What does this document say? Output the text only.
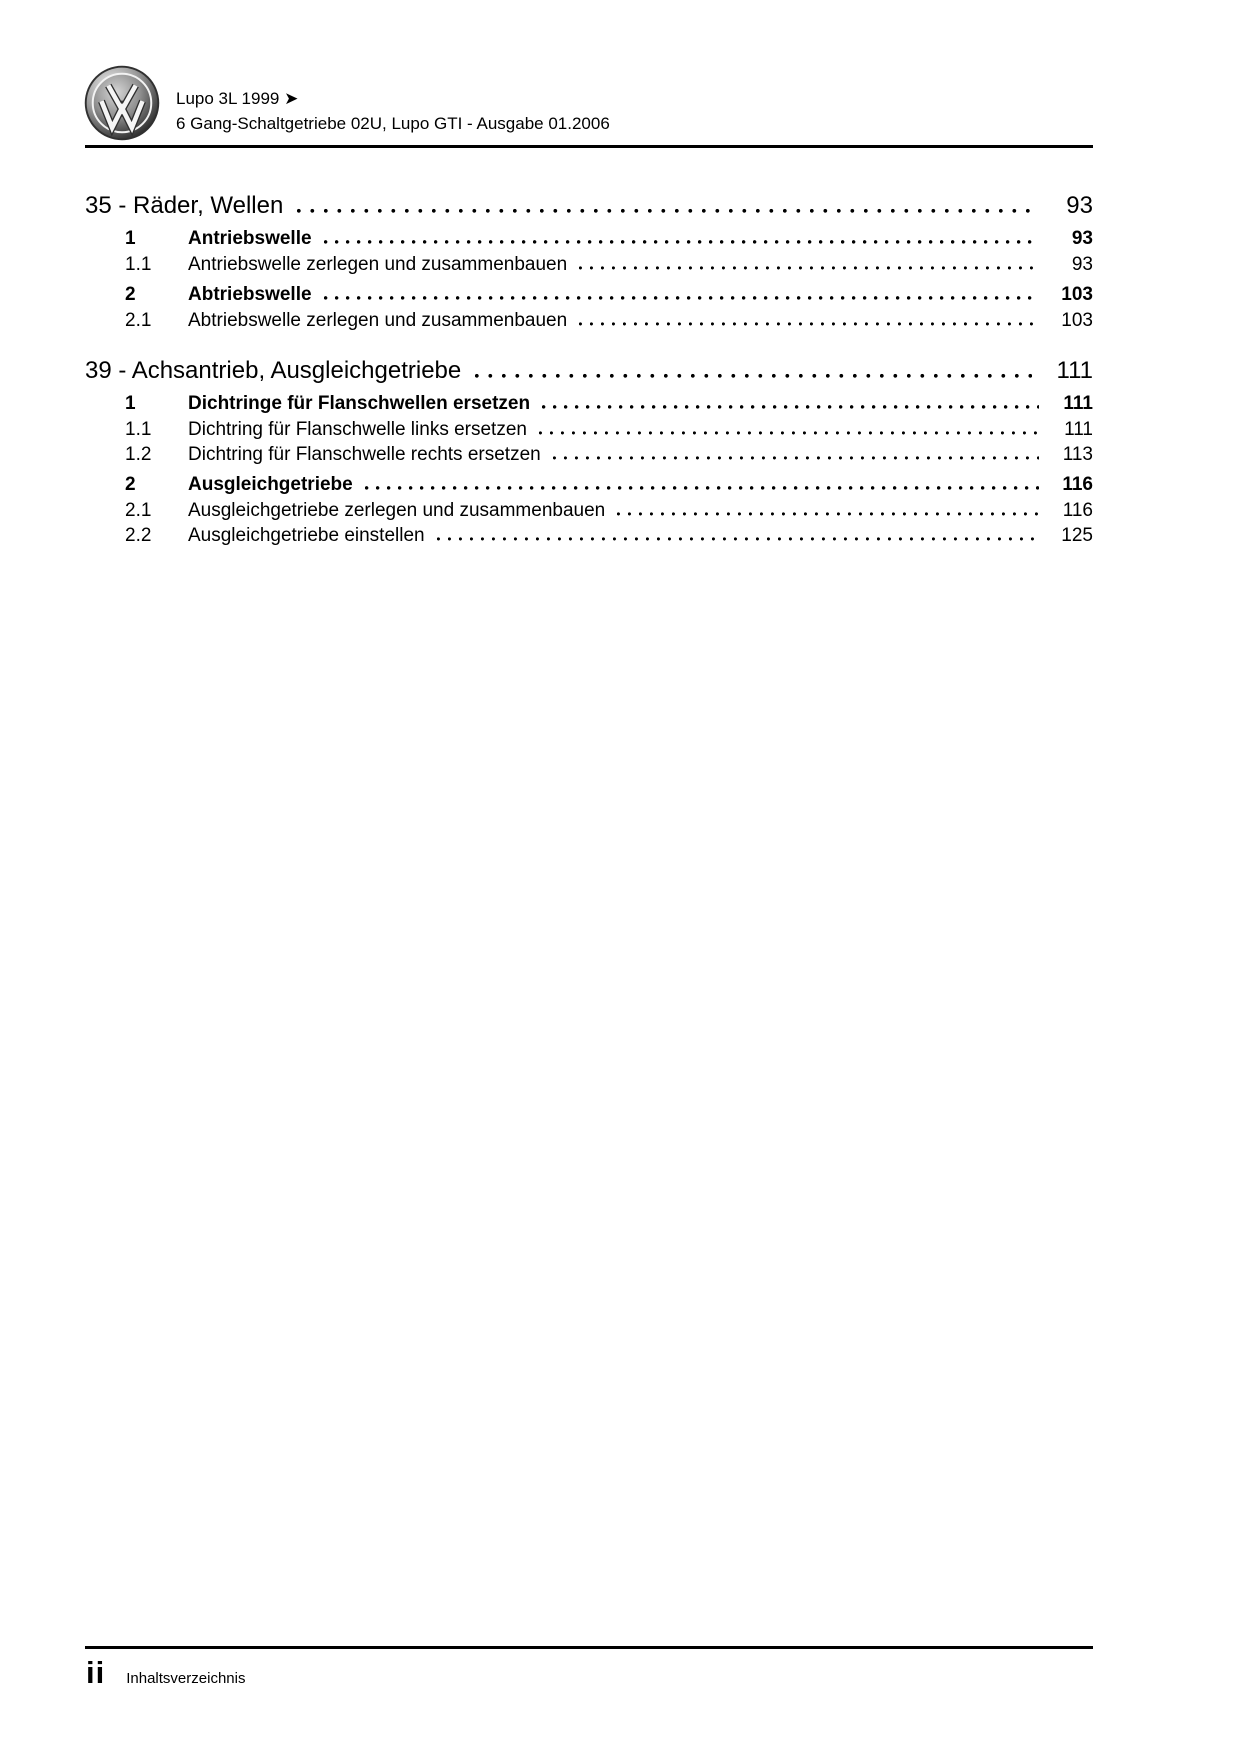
Lupo 3L 1999 ➤
6 Gang-Schaltgetriebe 02U, Lupo GTI - Ausgabe 01.2006
35 - Räder, Wellen	93
1	Antriebswelle	93
1.1	Antriebswelle zerlegen und zusammenbauen	93
2	Abtriebswelle	103
2.1	Abtriebswelle zerlegen und zusammenbauen	103
39 - Achsantrieb, Ausgleichgetriebe	111
1	Dichtringe für Flanschwellen ersetzen	111
1.1	Dichtring für Flanschwelle links ersetzen	111
1.2	Dichtring für Flanschwelle rechts ersetzen	113
2	Ausgleichgetriebe	116
2.1	Ausgleichgetriebe zerlegen und zusammenbauen	116
2.2	Ausgleichgetriebe einstellen	125
ii Inhaltsverzeichnis
